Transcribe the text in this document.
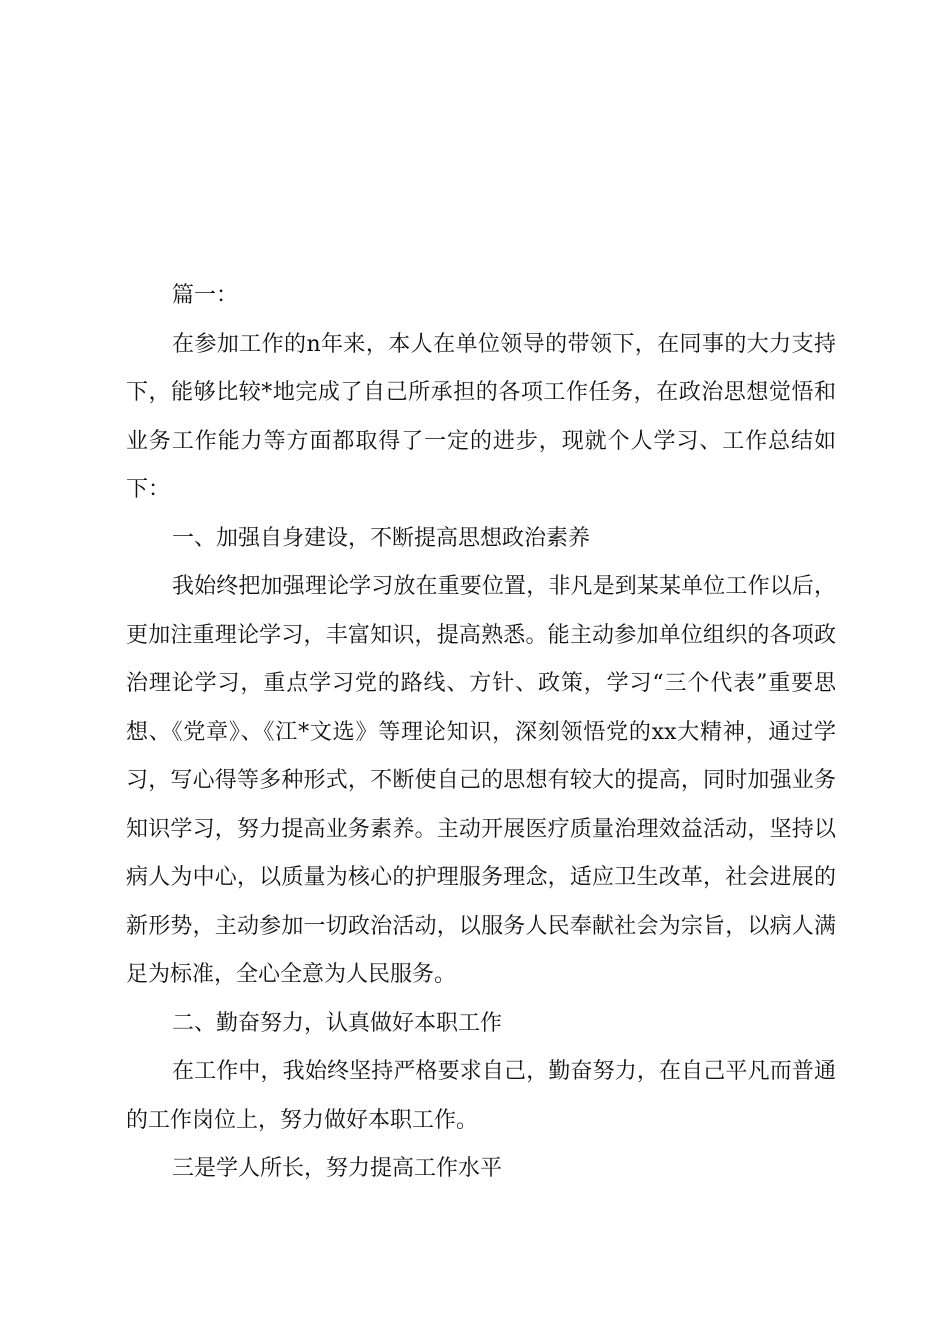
篇一：

在参加工作的n年来，本人在单位领导的带领下，在同事的大力支持下，能够比较*地完成了自己所承担的各项工作任务，在政治思想觉悟和业务工作能力等方面都取得了一定的进步，现就个人学习、工作总结如下：

一、加强自身建设，不断提高思想政治素养

我始终把加强理论学习放在重要位置，非凡是到某某单位工作以后，更加注重理论学习，丰富知识，提高熟悉。能主动参加单位组织的各项政治理论学习，重点学习党的路线、方针、政策，学习“三个代表”重要思想、《党章》、《江*文选》等理论知识，深刻领悟党的xx大精神，通过学习，写心得等多种形式，不断使自己的思想有较大的提高，同时加强业务知识学习，努力提高业务素养。主动开展医疗质量治理效益活动，坚持以病人为中心，以质量为核心的护理服务理念，适应卫生改革，社会进展的新形势，主动参加一切政治活动，以服务人民奉献社会为宗旨，以病人满足为标准，全心全意为人民服务。

二、勤奋努力，认真做好本职工作

在工作中，我始终坚持严格要求自己，勤奋努力，在自己平凡而普通的工作岗位上，努力做好本职工作。

三是学人所长，努力提高工作水平
